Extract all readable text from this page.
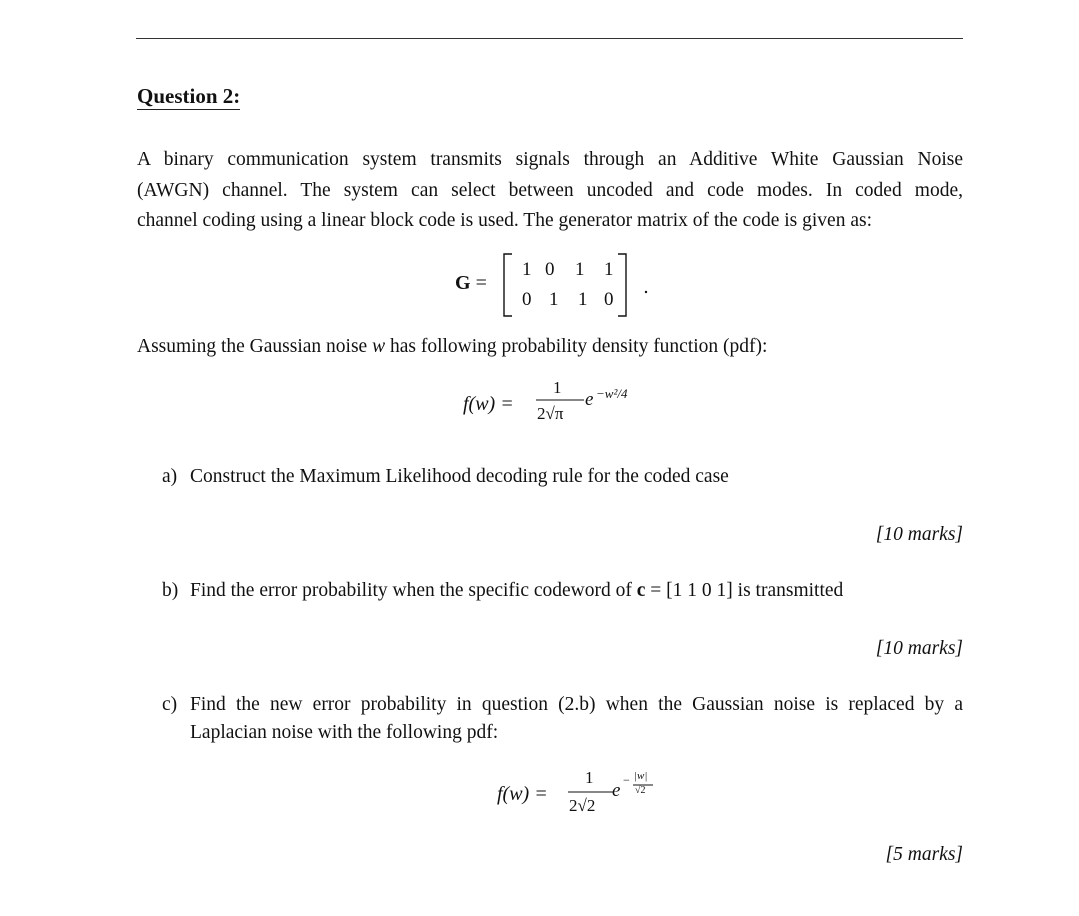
Question 2:
A binary communication system transmits signals through an Additive White Gaussian Noise
(AWGN) channel. The system can select between uncoded and code modes. In coded mode,
channel coding using a linear block code is used. The generator matrix of the code is given as:
G =
1 0 1 1
0 1 1 0
Assuming the Gaussian noise w has following probability density function (pdf):
f(w) =
1
2√π
e −w²/4
a) Construct the Maximum Likelihood decoding rule for the coded case
[10 marks]
b) Find the error probability when the specific codeword of c = [1 1 0 1] is transmitted
[10 marks]
c) Find the new error probability in question (2.b) when the Gaussian noise is replaced by a
Laplacian noise with the following pdf:
f(w) =
1
2√2
e − |w|
√2
[5 marks]
